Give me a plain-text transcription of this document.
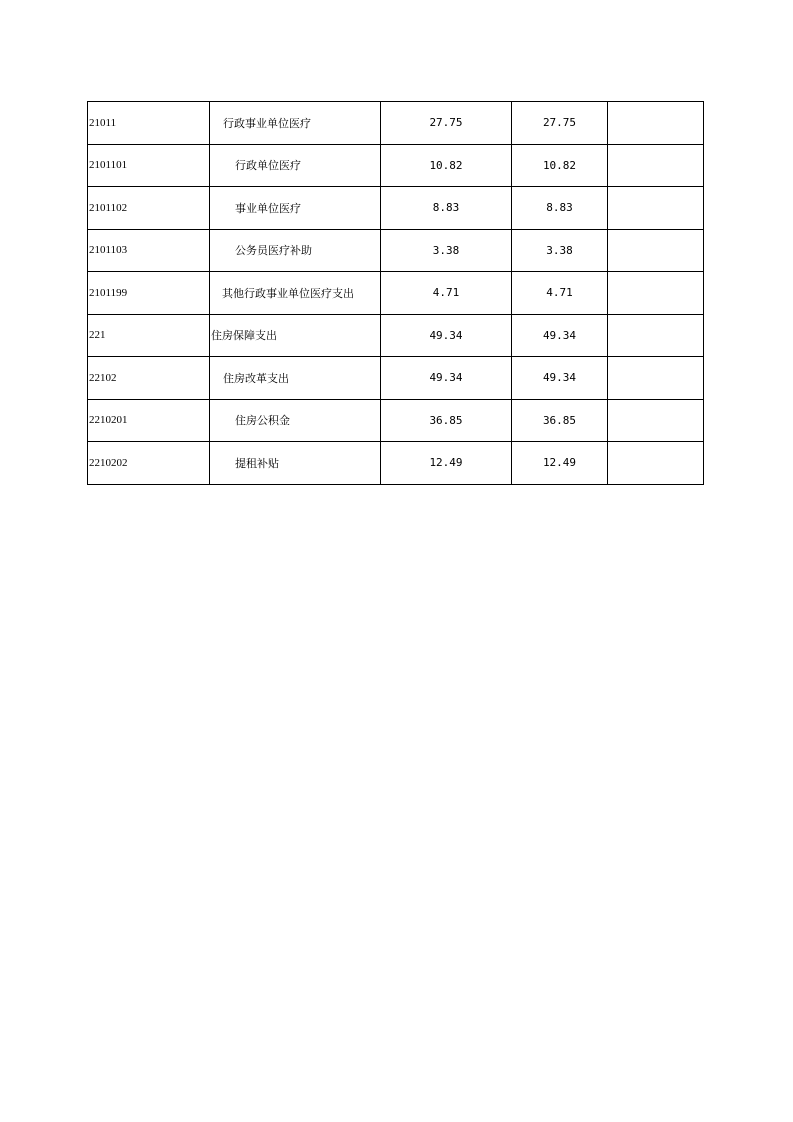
21011	行政事业单位医疗	27.75	27.75	
2101101	行政单位医疗	10.82	10.82	
2101102	事业单位医疗	8.83	8.83	
2101103	公务员医疗补助	3.38	3.38	
2101199	其他行政事业单位医疗支出	4.71	4.71	
221	住房保障支出	49.34	49.34	
22102	住房改革支出	49.34	49.34	
2210201	住房公积金	36.85	36.85	
2210202	提租补贴	12.49	12.49	
